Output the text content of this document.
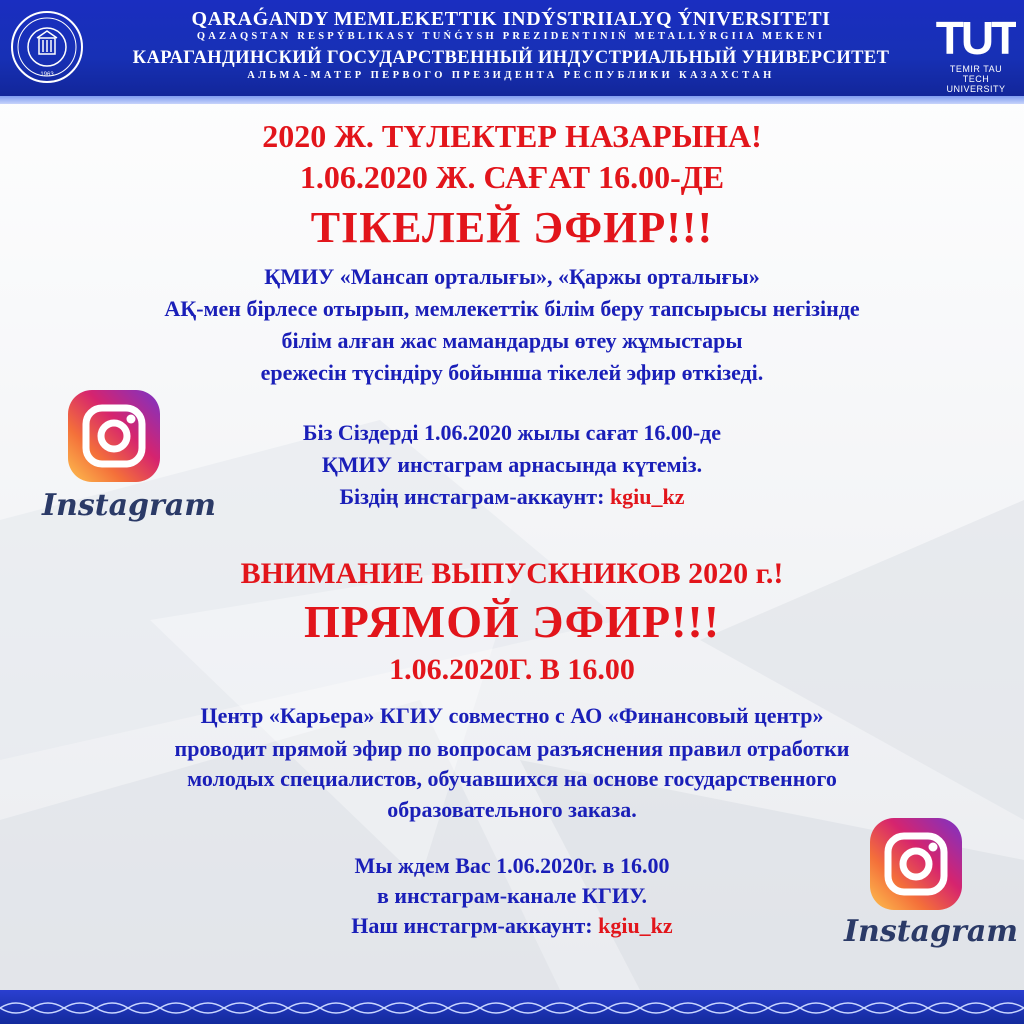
1963
QARAǴANDY MEMLEKETTIK INDÝSTRIIALYQ ÝNIVERSITETI
QAZAQSTAN RESPÝBLIKASY TUŃǴYSH PREZIDENTINIŃ METALLÝRGIIA MEKENI
КАРАГАНДИНСКИЙ ГОСУДАРСТВЕННЫЙ ИНДУСТРИАЛЬНЫЙ УНИВЕРСИТЕТ
АЛЬМА-МАТЕР ПЕРВОГО ПРЕЗИДЕНТА РЕСПУБЛИКИ КАЗАХСТАН
TUT
TEMIR TAU TECH
UNIVERSITY
2020 Ж. ТҮЛЕКТЕР НАЗАРЫНА!
1.06.2020 Ж. САҒАТ 16.00-ДЕ
ТІКЕЛЕЙ ЭФИР!!!
ҚМИУ «Мансап орталығы», «Қаржы орталығы»
АҚ-мен бірлесе отырып, мемлекеттік білім беру тапсырысы негізінде
білім алған жас мамандарды өтеу жұмыстары
ережесін түсіндіру бойынша тікелей эфир өткізеді.
Біз Сіздерді 1.06.2020 жылы сағат 16.00-де
ҚМИУ инстаграм арнасында күтеміз.
Біздің инстаграм-аккаунт: kgiu_kz
Instagram
ВНИМАНИЕ ВЫПУСКНИКОВ 2020 г.!
ПРЯМОЙ ЭФИР!!!
1.06.2020Г. В 16.00
Центр «Карьера» КГИУ совместно с АО «Финансовый центр»
проводит прямой эфир по вопросам разъяснения правил отработки
молодых специалистов, обучавшихся на основе государственного
образовательного заказа.
Мы ждем Вас 1.06.2020г. в 16.00
в инстаграм-канале КГИУ.
Наш инстагрм-аккаунт: kgiu_kz	Instagram
